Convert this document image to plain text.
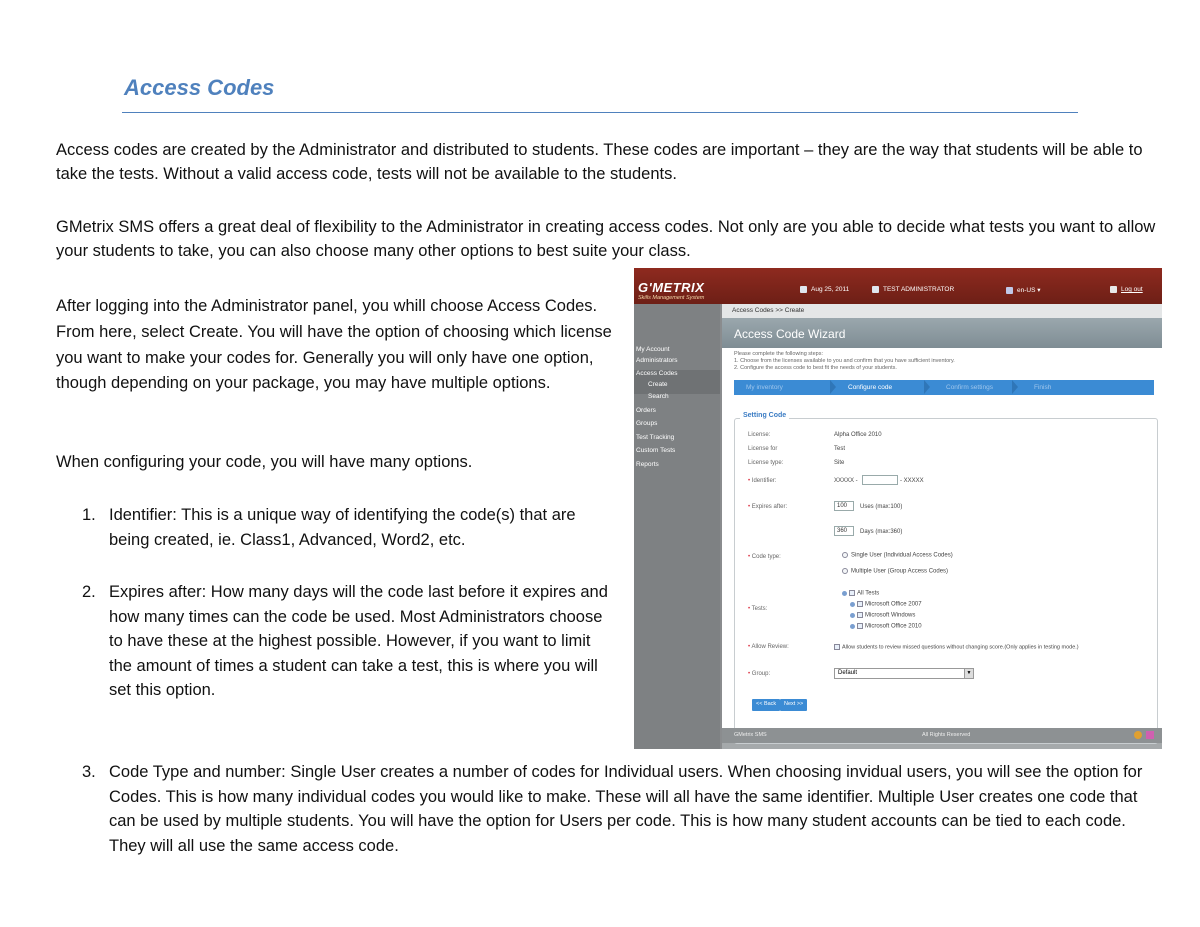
Access Codes

Access codes are created by the Administrator and distributed to students. These codes are important – they are the way that students will be able to take the tests. Without a valid access code, tests will not be available to the students.

GMetrix SMS offers a great deal of flexibility to the Administrator in creating access codes. Not only are you able to decide what tests you want to allow your students to take, you can also choose many other options to best suite your class.

After logging into the Administrator panel, you whill choose Access Codes. From here, select Create. You will have the option of choosing which license you want to make your codes for. Generally you will only have one option, though depending on your package, you may have multiple options.

When configuring your code, you will have many options.

1. Identifier: This is a unique way of identifying the code(s) that are being created, ie. Class1, Advanced, Word2, etc.
2. Expires after: How many days will the code last before it expires and how many times can the code be used. Most Administrators choose to have these at the highest possible. However, if you want to limit the amount of times a student can take a test, this is where you will set this option.
3. Code Type and number: Single User creates a number of codes for Individual users. When choosing invidual users, you will see the option for Codes. This is how many individual codes you would like to make. These will all have the same identifier. Multiple User creates one code that can be used by multiple students. You will have the option for Users per code. This is how many student accounts can be tied to each code. They will all use the same access code.
G'METRIX
Skills Management System
Aug 25, 2011	TEST ADMINISTRATOR	en-US ▾	Log out
My Account
Administrators
Access Codes
Create
Search
Orders
Groups
Test Tracking
Custom Tests
Reports
Access Codes >> Create
Access Code Wizard
Please complete the following steps:
1. Choose from the licenses available to you and confirm that you have sufficient inventory.
2. Configure the access code to best fit the needs of your students.
My inventory	Configure code	Confirm settings	Finish
Setting Code
License:	Alpha Office 2010
License for	Test
License type:	Site
• Identifier:	XXXXX -	- XXXXX
• Expires after:	100	Uses (max:100)
360	Days (max:360)
• Code type:	Single User (Individual Access Codes)
Multiple User (Group Access Codes)
All Tests
• Tests:
Microsoft Office 2007
Microsoft Windows
Microsoft Office 2010
• Allow Review:	Allow students to review missed questions without changing score.(Only applies in testing mode.)
• Group:	Default	▼
<< Back	Next >>
GMetrix SMS	All Rights Reserved
